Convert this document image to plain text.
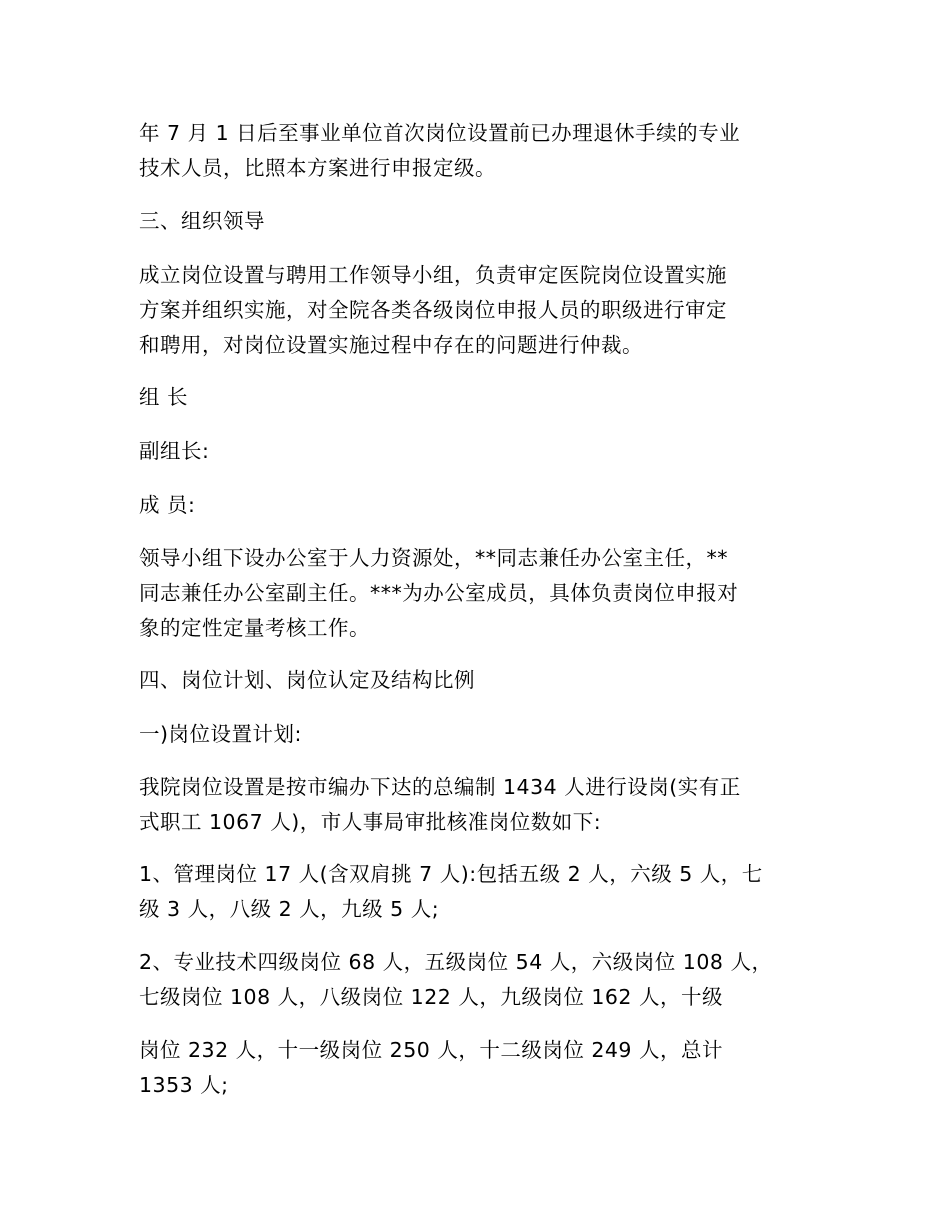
年 7 月 1 日后至事业单位首次岗位设置前已办理退休手续的专业
技术人员，比照本方案进行申报定级。

三、组织领导

成立岗位设置与聘用工作领导小组，负责审定医院岗位设置实施
方案并组织实施，对全院各类各级岗位申报人员的职级进行审定
和聘用，对岗位设置实施过程中存在的问题进行仲裁。

组 长

副组长:

成 员:

领导小组下设办公室于人力资源处，**同志兼任办公室主任，**
同志兼任办公室副主任。***为办公室成员，具体负责岗位申报对
象的定性定量考核工作。

四、岗位计划、岗位认定及结构比例

一)岗位设置计划:

我院岗位设置是按市编办下达的总编制 1434 人进行设岗(实有正
式职工 1067 人)，市人事局审批核准岗位数如下:

1、管理岗位 17 人(含双肩挑 7 人):包括五级 2 人，六级 5 人，七
级 3 人，八级 2 人，九级 5 人;

2、专业技术四级岗位 68 人，五级岗位 54 人，六级岗位 108 人，
七级岗位 108 人，八级岗位 122 人，九级岗位 162 人，十级

岗位 232 人，十一级岗位 250 人，十二级岗位 249 人，总计
1353 人;
